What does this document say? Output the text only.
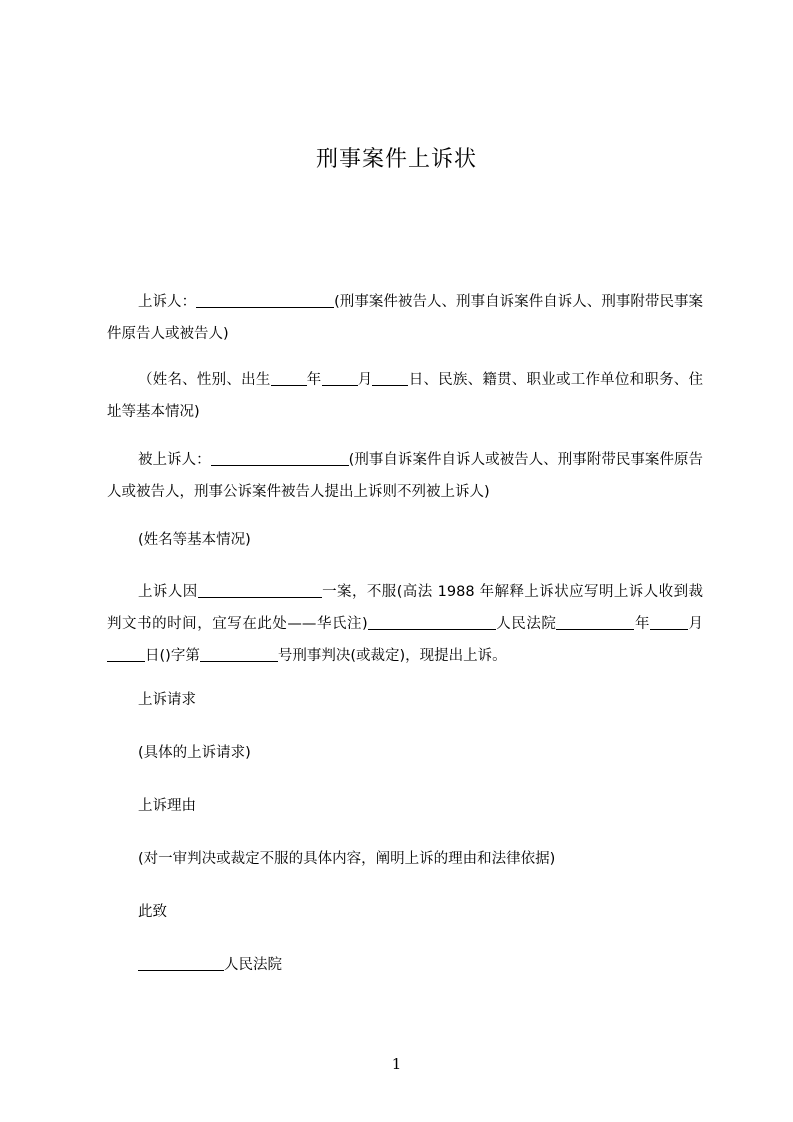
刑事案件上诉状
上诉人：	(刑事案件被告人、刑事自诉案件自诉人、刑事附带民事案件原告人或被告人)
（姓名、性别、出生 年 月 日、民族、籍贯、职业或工作单位和职务、住址等基本情况)
被上诉人：	(刑事自诉案件自诉人或被告人、刑事附带民事案件原告人或被告人，刑事公诉案件被告人提出上诉则不列被上诉人)
(姓名等基本情况)
上诉人因	一案，不服(高法 1988 年解释上诉状应写明上诉人收到裁判文书的时间，宜写在此处——华氏注)	人民法院	年	月日()字第	号刑事判决(或裁定)，现提出上诉。
上诉请求
(具体的上诉请求)
上诉理由
(对一审判决或裁定不服的具体内容，阐明上诉的理由和法律依据)
此致
人民法院
1
